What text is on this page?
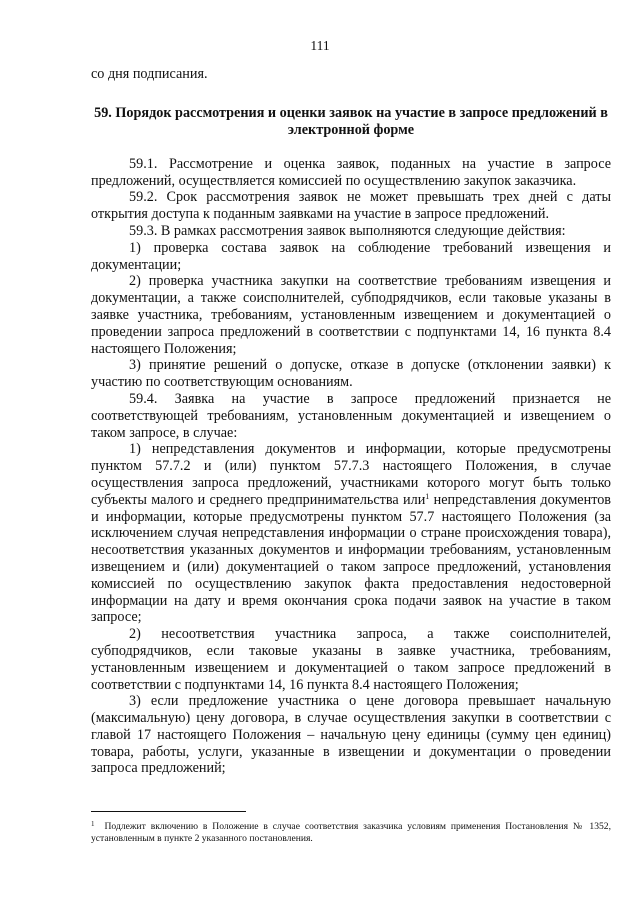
111

со дня подписания.

59. Порядок рассмотрения и оценки заявок на участие в запросе предложений в электронной форме

59.1. Рассмотрение и оценка заявок, поданных на участие в запросе предложений, осуществляется комиссией по осуществлению закупок заказчика.

59.2. Срок рассмотрения заявок не может превышать трех дней с даты открытия доступа к поданным заявками на участие в запросе предложений.

59.3. В рамках рассмотрения заявок выполняются следующие действия:

1) проверка состава заявок на соблюдение требований извещения и документации;

2) проверка участника закупки на соответствие требованиям извещения и документации, а также соисполнителей, субподрядчиков, если таковые указаны в заявке участника, требованиям, установленным извещением и документацией о проведении запроса предложений в соответствии с подпунктами 14, 16 пункта 8.4 настоящего Положения;

3) принятие решений о допуске, отказе в допуске (отклонении заявки) к участию по соответствующим основаниям.

59.4. Заявка на участие в запросе предложений признается не соответствующей требованиям, установленным документацией и извещением о таком запросе, в случае:

1) непредставления документов и информации, которые предусмотрены пунктом 57.7.2 и (или) пунктом 57.7.3 настоящего Положения, в случае осуществления запроса предложений, участниками которого могут быть только субъекты малого и среднего предпринимательства или$^1$ непредставления документов и информации, которые предусмотрены пунктом 57.7 настоящего Положения (за исключением случая непредставления информации о стране происхождения товара), несоответствия указанных документов и информации требованиям, установленным извещением и (или) документацией о таком запросе предложений, установления комиссией по осуществлению закупок факта предоставления недостоверной информации на дату и время окончания срока подачи заявок на участие в таком запросе;

2) несоответствия участника запроса, а также соисполнителей, субподрядчиков, если таковые указаны в заявке участника, требованиям, установленным извещением и документацией о таком запросе предложений в соответствии с подпунктами 14, 16 пункта 8.4 настоящего Положения;

3) если предложение участника о цене договора превышает начальную (максимальную) цену договора, в случае осуществления закупки в соответствии с главой 17 настоящего Положения – начальную цену единицы (сумму цен единиц) товара, работы, услуги, указанные в извещении и документации о проведении запроса предложений;

$^1$ Подлежит включению в Положение в случае соответствия заказчика условиям применения Постановления № 1352, установленным в пункте 2 указанного постановления.
